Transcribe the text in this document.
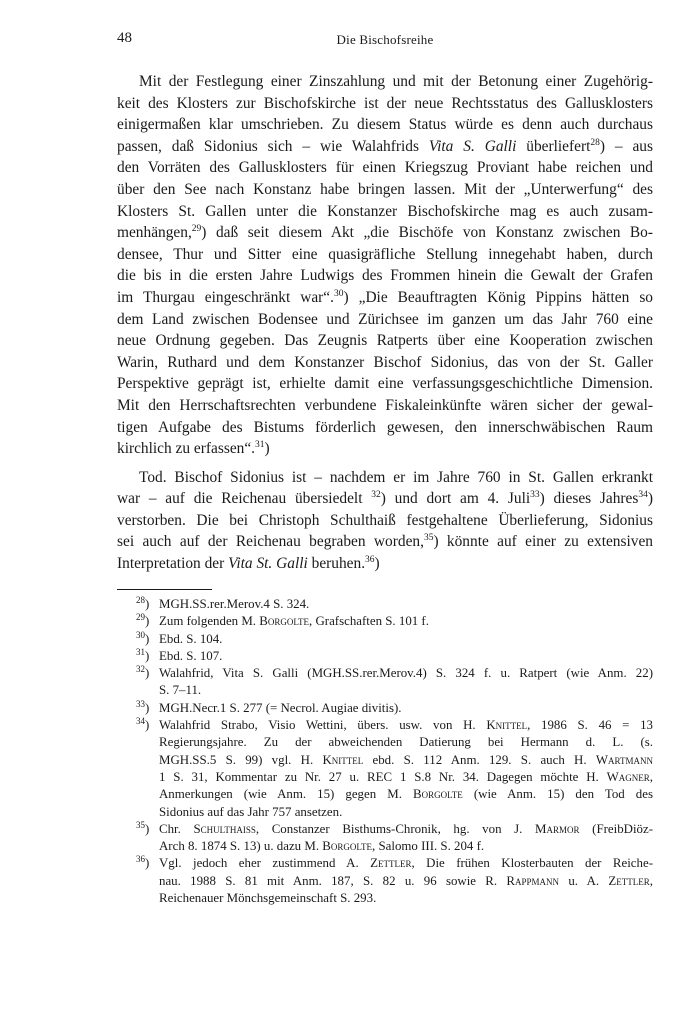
48	Die Bischofsreihe
Mit der Festlegung einer Zinszahlung und mit der Betonung einer Zugehörig-
keit des Klosters zur Bischofskirche ist der neue Rechtsstatus des Gallusklosters
einigermaßen klar umschrieben. Zu diesem Status würde es denn auch durchaus
passen, daß Sidonius sich – wie Walahfrids Vita S. Galli überliefert$^{28}$) – aus
den Vorräten des Gallusklosters für einen Kriegszug Proviant habe reichen und
über den See nach Konstanz habe bringen lassen. Mit der „Unterwerfung“ des
Klosters St. Gallen unter die Konstanzer Bischofskirche mag es auch zusam-
menhängen,$^{29}$) daß seit diesem Akt „die Bischöfe von Konstanz zwischen Bo-
densee, Thur und Sitter eine quasigräfliche Stellung innegehabt haben, durch
die bis in die ersten Jahre Ludwigs des Frommen hinein die Gewalt der Grafen
im Thurgau eingeschränkt war“.$^{30}$) „Die Beauftragten König Pippins hätten so
dem Land zwischen Bodensee und Zürichsee im ganzen um das Jahr 760 eine
neue Ordnung gegeben. Das Zeugnis Ratperts über eine Kooperation zwischen
Warin, Ruthard und dem Konstanzer Bischof Sidonius, das von der St. Galler
Perspektive geprägt ist, erhielte damit eine verfassungsgeschichtliche Dimension.
Mit den Herrschaftsrechten verbundene Fiskaleinkünfte wären sicher der gewal-
tigen Aufgabe des Bistums förderlich gewesen, den innerschwäbischen Raum
kirchlich zu erfassen“.$^{31}$)
Tod. Bischof Sidonius ist – nachdem er im Jahre 760 in St. Gallen erkrankt
war – auf die Reichenau übersiedelt $^{32}$) und dort am 4. Juli$^{33}$) dieses Jahres$^{34}$)
verstorben. Die bei Christoph Schulthaiß festgehaltene Überlieferung, Sidonius
sei auch auf der Reichenau begraben worden,$^{35}$) könnte auf einer zu extensiven
Interpretation der Vita St. Galli beruhen.$^{36}$)
$^{28}$) MGH.SS.rer.Merov.4 S. 324.
$^{29}$) Zum folgenden M. Borgolte, Grafschaften S. 101 f.
$^{30}$) Ebd. S. 104.
$^{31}$) Ebd. S. 107.
$^{32}$) Walahfrid, Vita S. Galli (MGH.SS.rer.Merov.4) S. 324 f. u. Ratpert (wie Anm. 22)
S. 7–11.
$^{33}$) MGH.Necr.1 S. 277 (= Necrol. Augiae divitis).
$^{34}$) Walahfrid Strabo, Visio Wettini, übers. usw. von H. Knittel, 1986 S. 46 = 13
Regierungsjahre. Zu der abweichenden Datierung bei Hermann d. L. (s.
MGH.SS.5 S. 99) vgl. H. Knittel ebd. S. 112 Anm. 129. S. auch H. Wartmann
1 S. 31, Kommentar zu Nr. 27 u. REC 1 S.8 Nr. 34. Dagegen möchte H. Wagner,
Anmerkungen (wie Anm. 15) gegen M. Borgolte (wie Anm. 15) den Tod des
Sidonius auf das Jahr 757 ansetzen.
$^{35}$) Chr. Schulthaiß, Constanzer Bisthums-Chronik, hg. von J. Marmor (FreibDiöz-
Arch 8. 1874 S. 13) u. dazu M. Borgolte, Salomo III. S. 204 f.
$^{36}$) Vgl. jedoch eher zustimmend A. Zettler, Die frühen Klosterbauten der Reiche-
nau. 1988 S. 81 mit Anm. 187, S. 82 u. 96 sowie R. Rappmann u. A. Zettler,
Reichenauer Mönchsgemeinschaft S. 293.
